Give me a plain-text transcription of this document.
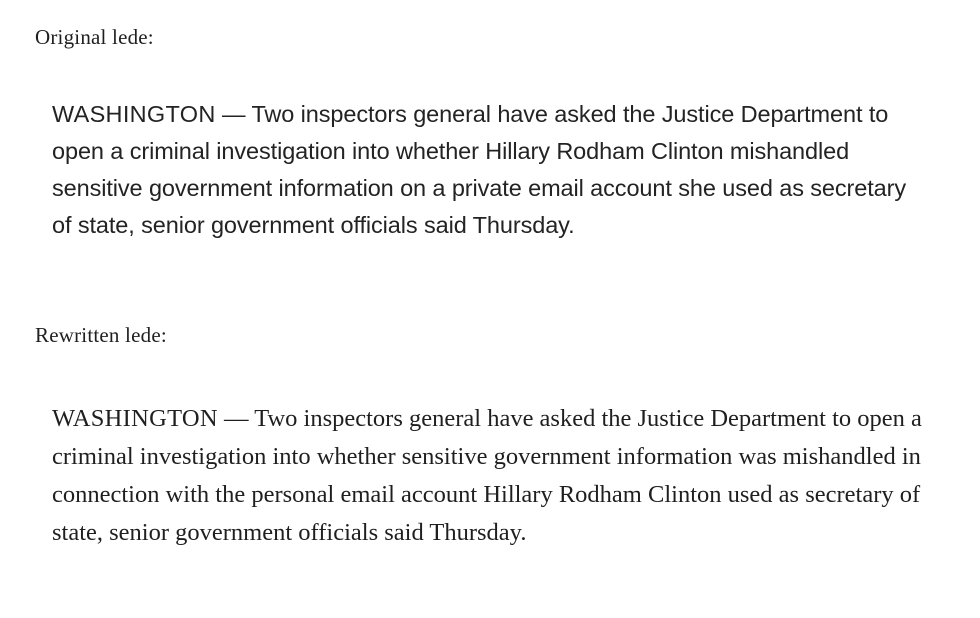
Original lede:
WASHINGTON — Two inspectors general have asked the Justice Department to open a criminal investigation into whether Hillary Rodham Clinton mishandled sensitive government information on a private email account she used as secretary of state, senior government officials said Thursday.
Rewritten lede:
WASHINGTON — Two inspectors general have asked the Justice Department to open a criminal investigation into whether sensitive government information was mishandled in connection with the personal email account Hillary Rodham Clinton used as secretary of state, senior government officials said Thursday.
